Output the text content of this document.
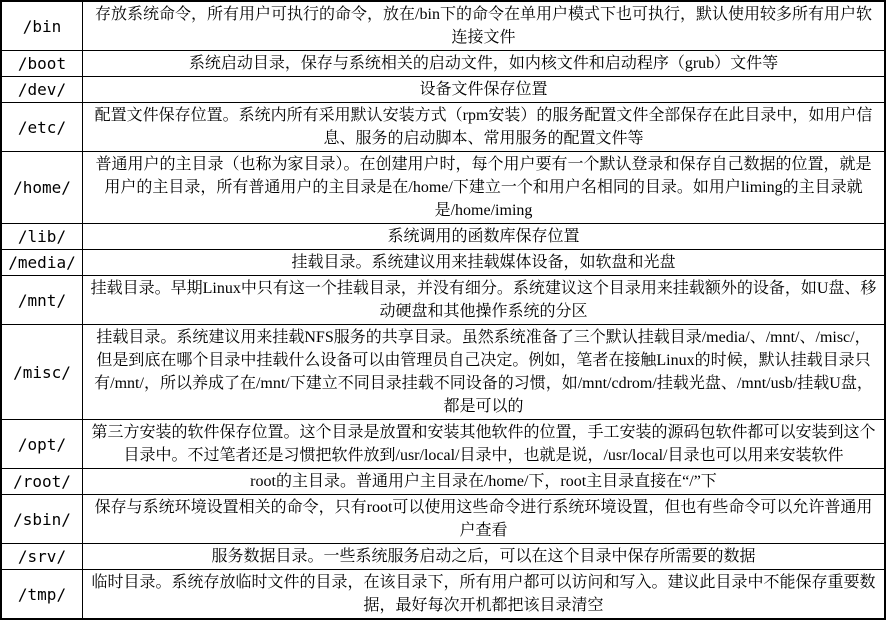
/bin	存放系统命令，所有用户可执行的命令，放在/bin下的命令在单用户模式下也可执行，默认使用较多所有用户软连接文件
/boot	系统启动目录，保存与系统相关的启动文件，如内核文件和启动程序（grub）文件等
/dev/	设备文件保存位置
/etc/	配置文件保存位置。系统内所有采用默认安装方式（rpm安装）的服务配置文件全部保存在此目录中，如用户信息、服务的启动脚本、常用服务的配置文件等
/home/	普通用户的主目录（也称为家目录）。在创建用户时，每个用户要有一个默认登录和保存自己数据的位置，就是用户的主目录，所有普通用户的主目录是在/home/下建立一个和用户名相同的目录。如用户liming的主目录就是/home/iming
/lib/	系统调用的函数库保存位置
/media/	挂载目录。系统建议用来挂载媒体设备，如软盘和光盘
/mnt/	挂载目录。早期Linux中只有这一个挂载目录，并没有细分。系统建议这个目录用来挂载额外的设备，如U盘、移动硬盘和其他操作系统的分区
/misc/	挂载目录。系统建议用来挂载NFS服务的共享目录。虽然系统准备了三个默认挂载目录/media/、/mnt/、/misc/，但是到底在哪个目录中挂载什么设备可以由管理员自己决定。例如，笔者在接触Linux的时候，默认挂载目录只有/mnt/，所以养成了在/mnt/下建立不同目录挂载不同设备的习惯，如/mnt/cdrom/挂载光盘、/mnt/usb/挂载U盘，都是可以的
/opt/	第三方安装的软件保存位置。这个目录是放置和安装其他软件的位置，手工安装的源码包软件都可以安装到这个目录中。不过笔者还是习惯把软件放到/usr/local/目录中，也就是说，/usr/local/目录也可以用来安装软件
/root/	root的主目录。普通用户主目录在/home/下，root主目录直接在“/”下
/sbin/	保存与系统环境设置相关的命令，只有root可以使用这些命令进行系统环境设置，但也有些命令可以允许普通用户查看
/srv/	服务数据目录。一些系统服务启动之后，可以在这个目录中保存所需要的数据
/tmp/	临时目录。系统存放临时文件的目录，在该目录下，所有用户都可以访问和写入。建议此目录中不能保存重要数据，最好每次开机都把该目录清空
